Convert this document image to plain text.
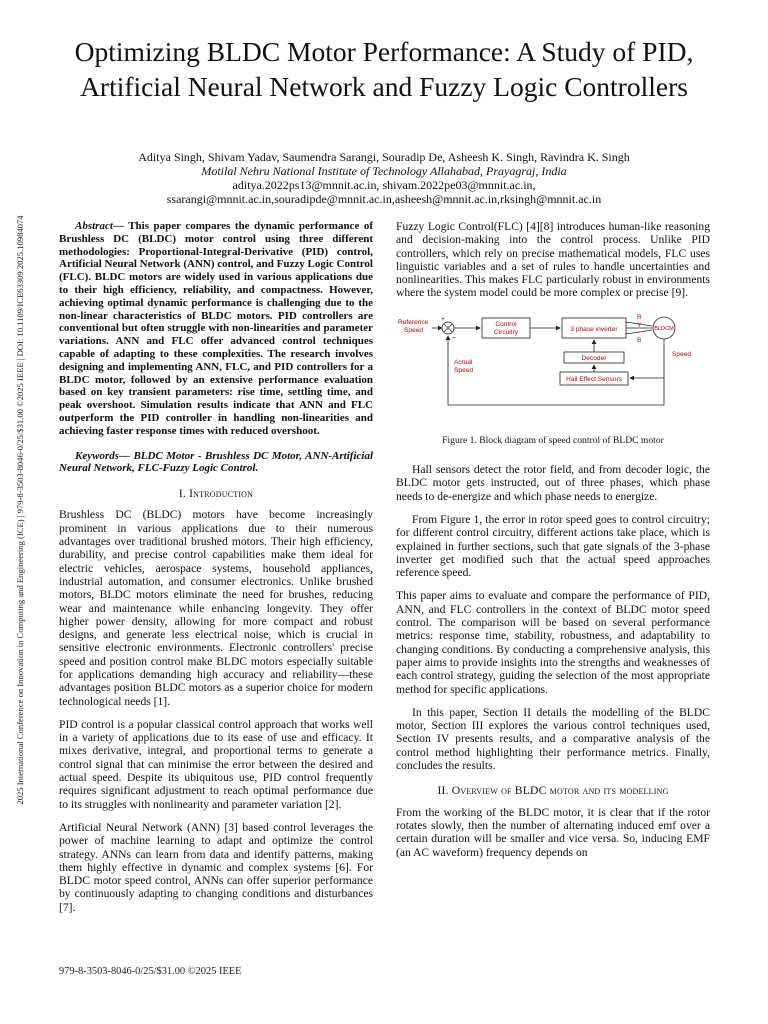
2025 International Conference on Innovation in Computing and Engineering (ICE) | 979-8-3503-8046-0/25/$31.00 ©2025 IEEE | DOI: 10.1109/ICE63309.2025.10984074
Optimizing BLDC Motor Performance: A Study of PID, Artificial Neural Network and Fuzzy Logic Controllers
Aditya Singh, Shivam Yadav, Saumendra Sarangi, Souradip De, Asheesh K. Singh, Ravindra K. Singh
Motilal Nehru National Institute of Technology Allahabad, Prayagraj, India
aditya.2022ps13@mnnit.ac.in, shivam.2022pe03@mnnit.ac.in,
ssarangi@mnnit.ac.in,souradipde@mnnit.ac.in,asheesh@mnnit.ac.in,rksingh@mnnit.ac.in

Abstract— This paper compares the dynamic performance of Brushless DC (BLDC) motor control using three different methodologies: Proportional-Integral-Derivative (PID) control, Artificial Neural Network (ANN) control, and Fuzzy Logic Control (FLC). BLDC motors are widely used in various applications due to their high efficiency, reliability, and compactness. However, achieving optimal dynamic performance is challenging due to the non-linear characteristics of BLDC motors. PID controllers are conventional but often struggle with non-linearities and parameter variations. ANN and FLC offer advanced control techniques capable of adapting to these complexities. The research involves designing and implementing ANN, FLC, and PID controllers for a BLDC motor, followed by an extensive performance evaluation based on key transient parameters: rise time, settling time, and peak overshoot. Simulation results indicate that ANN and FLC outperform the PID controller in handling non-linearities and achieving faster response times with reduced overshoot.

Keywords— BLDC Motor - Brushless DC Motor, ANN-Artificial Neural Network, FLC-Fuzzy Logic Control.

I. Introduction

Brushless DC (BLDC) motors have become increasingly prominent in various applications due to their numerous advantages over traditional brushed motors. Their high efficiency, durability, and precise control capabilities make them ideal for electric vehicles, aerospace systems, household appliances, industrial automation, and consumer electronics. Unlike brushed motors, BLDC motors eliminate the need for brushes, reducing wear and maintenance while enhancing longevity. They offer higher power density, allowing for more compact and robust designs, and generate less electrical noise, which is crucial in sensitive electronic environments. Electronic controllers' precise speed and position control make BLDC motors especially suitable for applications demanding high accuracy and reliability—these advantages position BLDC motors as a superior choice for modern technological needs [1].

PID control is a popular classical control approach that works well in a variety of applications due to its ease of use and efficacy. It mixes derivative, integral, and proportional terms to generate a control signal that can minimise the error between the desired and actual speed. Despite its ubiquitous use, PID control frequently requires significant adjustment to reach optimal performance due to its struggles with nonlinearity and parameter variation [2].

Artificial Neural Network (ANN) [3] based control leverages the power of machine learning to adapt and optimize the control strategy. ANNs can learn from data and identify patterns, making them highly effective in dynamic and complex systems [6]. For BLDC motor speed control, ANNs can offer superior performance by continuously adapting to changing conditions and disturbances [7].

Fuzzy Logic Control(FLC) [4][8] introduces human-like reasoning and decision-making into the control process. Unlike PID controllers, which rely on precise mathematical models, FLC uses linguistic variables and a set of rules to handle uncertainties and nonlinearities. This makes FLC particularly robust in environments where the system model could be more complex or precise [9].

Reference
Speed
+
−
Control
Circuitry	3 phase inverter
R
Y
B
BLDCM
Speed
Decoder
Hall Effect Sensors
Actual
Speed

Figure 1. Block diagram of speed control of BLDC motor

Hall sensors detect the rotor field, and from decoder logic, the BLDC motor gets instructed, out of three phases, which phase needs to de-energize and which phase needs to energize.

From Figure 1, the error in rotor speed goes to control circuitry; for different control circuitry, different actions take place, which is explained in further sections, such that gate signals of the 3-phase inverter get modified such that the actual speed approaches reference speed.

This paper aims to evaluate and compare the performance of PID, ANN, and FLC controllers in the context of BLDC motor speed control. The comparison will be based on several performance metrics: response time, stability, robustness, and adaptability to changing conditions. By conducting a comprehensive analysis, this paper aims to provide insights into the strengths and weaknesses of each control strategy, guiding the selection of the most appropriate method for specific applications.

In this paper, Section II details the modelling of the BLDC motor, Section III explores the various control techniques used, Section IV presents results, and a comparative analysis of the control method highlighting their performance metrics. Finally, concludes the results.

II. Overview of BLDC motor and its modelling

From the working of the BLDC motor, it is clear that if the rotor rotates slowly, then the number of alternating induced emf over a certain duration will be smaller and vice versa. So, inducing EMF (an AC waveform) frequency depends on

979-8-3503-8046-0/25/$31.00 ©2025 IEEE
